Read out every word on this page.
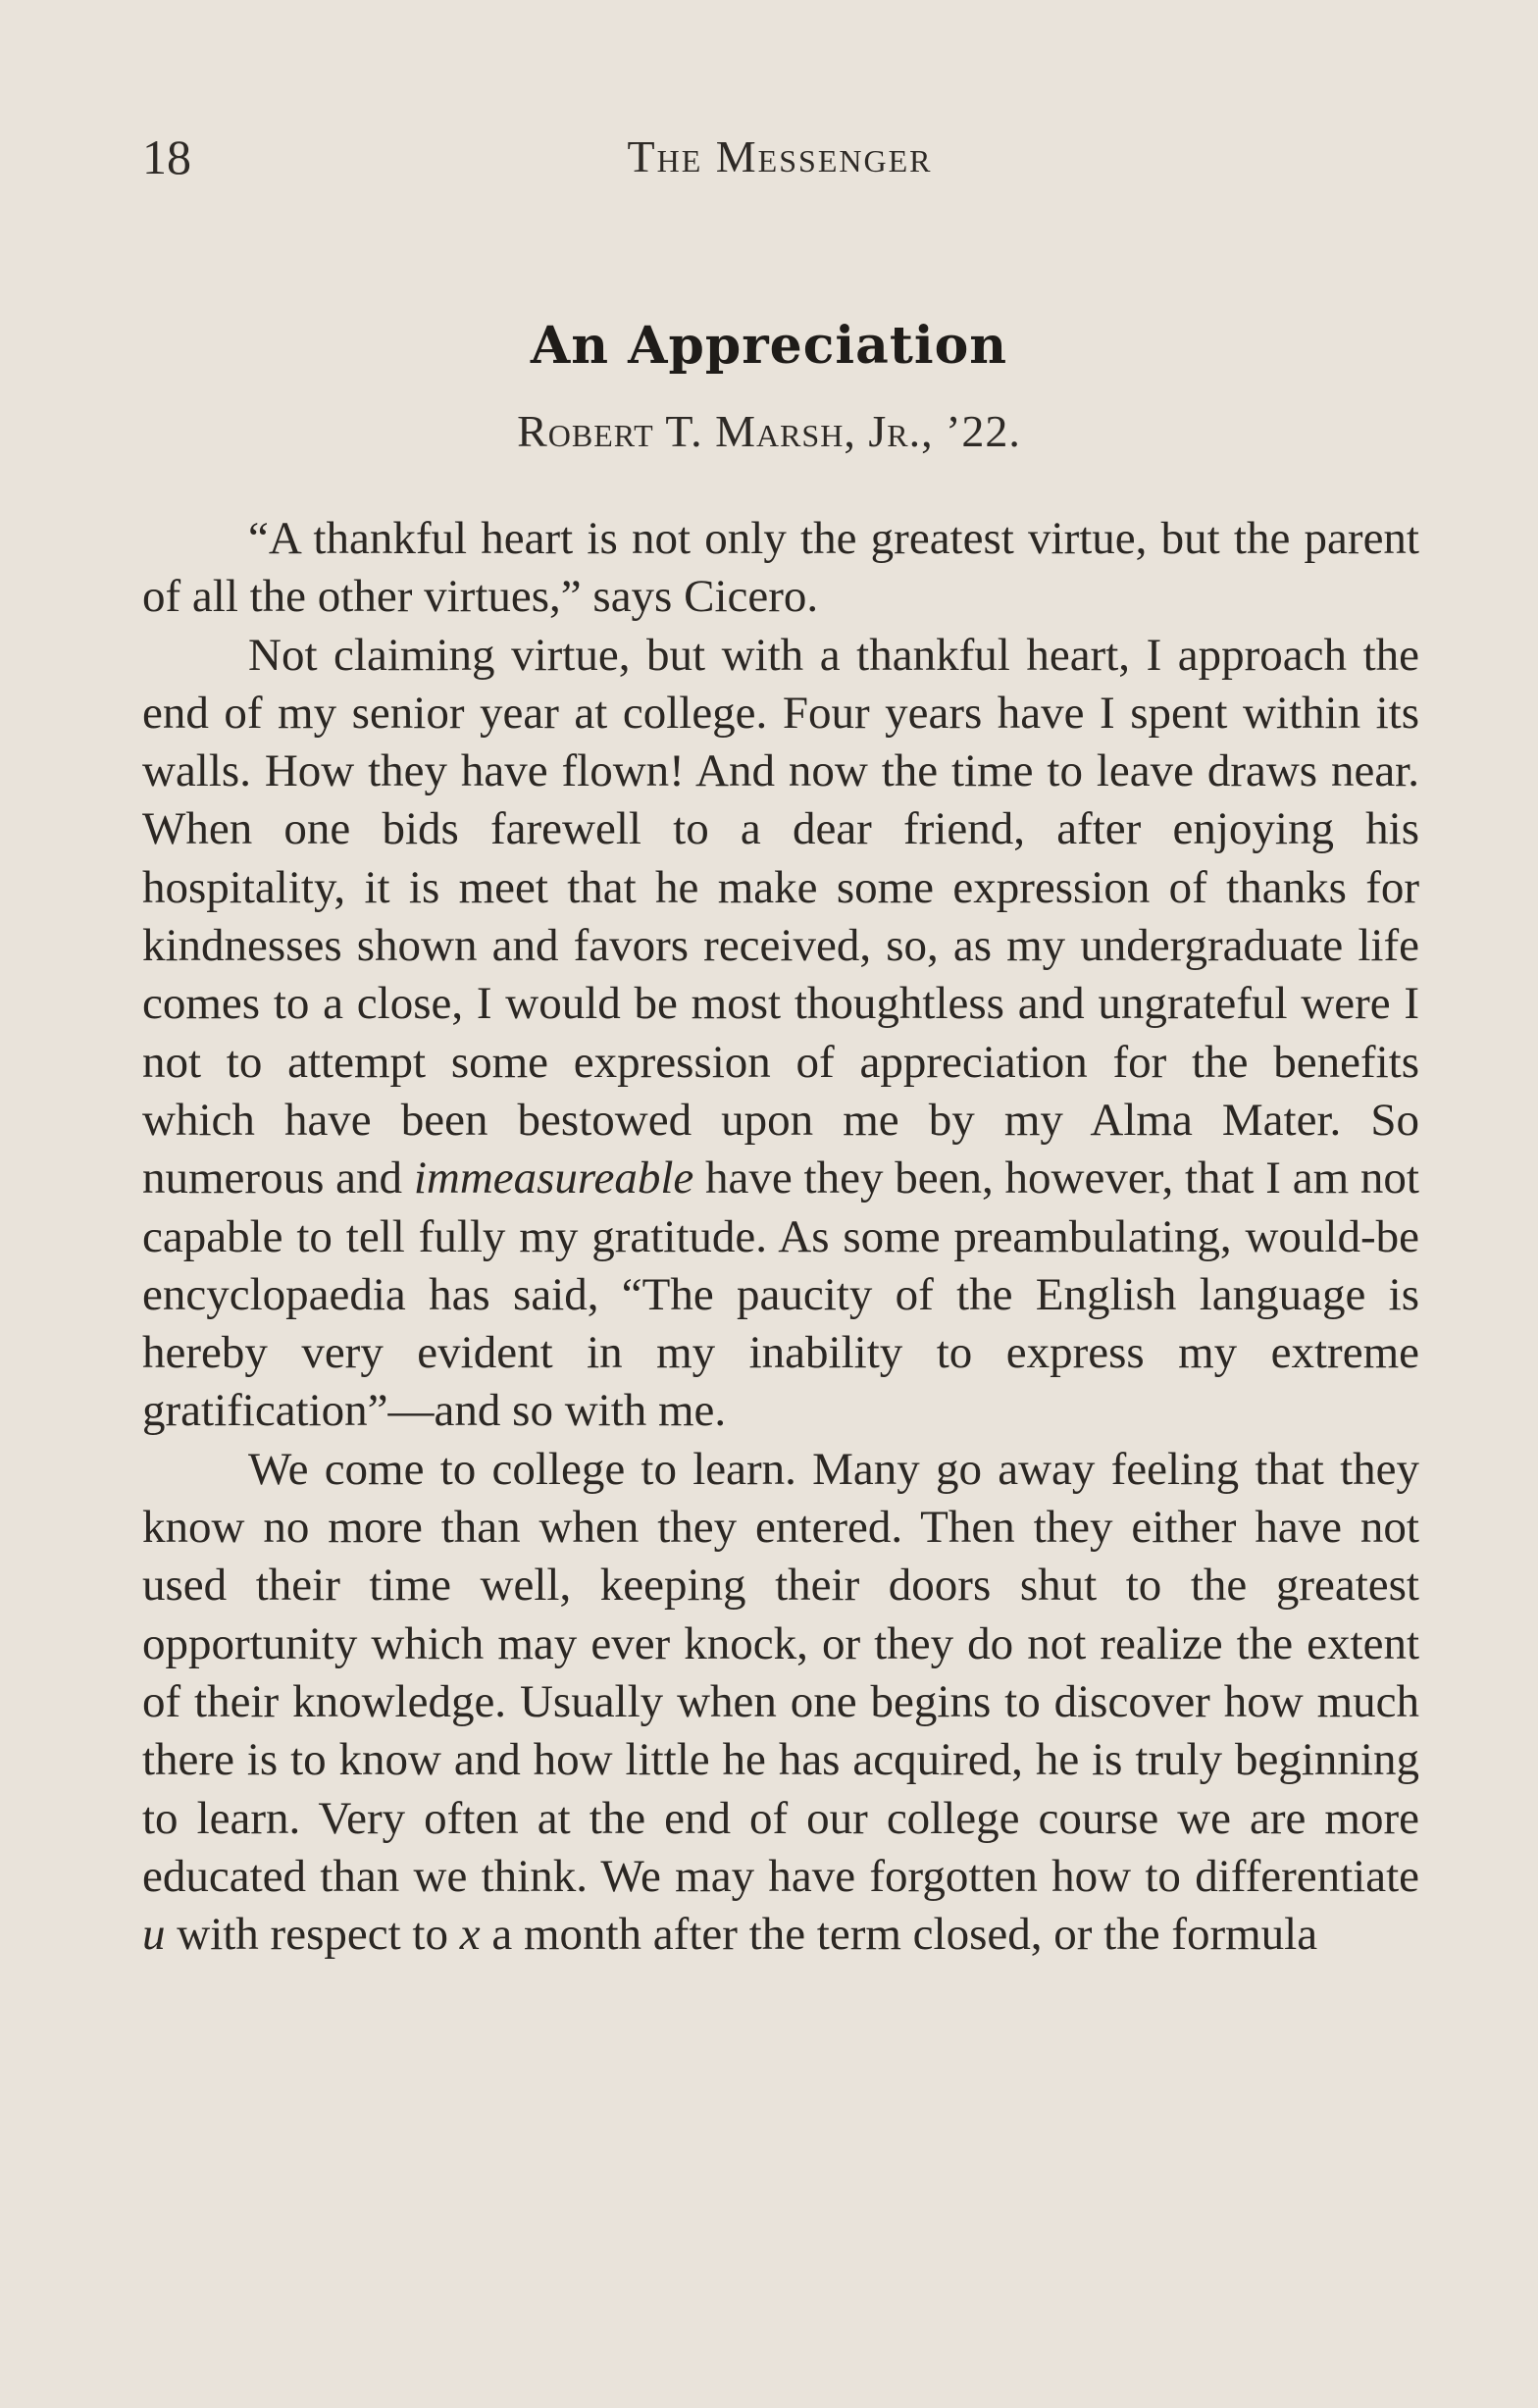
18	The Messenger
An Appreciation
Robert T. Marsh, Jr., ’22.

“A thankful heart is not only the greatest virtue, but the parent of all the other virtues,” says Cicero.

Not claiming virtue, but with a thankful heart, I approach the end of my senior year at college. Four years have I spent within its walls. How they have flown! And now the time to leave draws near. When one bids farewell to a dear friend, after enjoying his hospitality, it is meet that he make some expression of thanks for kindnesses shown and favors received, so, as my undergraduate life comes to a close, I would be most thoughtless and ungrateful were I not to attempt some expression of appreciation for the benefits which have been bestowed upon me by my Alma Mater. So numerous and immeasureable have they been, however, that I am not capable to tell fully my gratitude. As some preambulating, would-be encyclopaedia has said, “The paucity of the English language is hereby very evident in my inability to express my extreme gratification”—and so with me.

We come to college to learn. Many go away feeling that they know no more than when they entered. Then they either have not used their time well, keeping their doors shut to the greatest opportunity which may ever knock, or they do not realize the extent of their knowledge. Usually when one begins to discover how much there is to know and how little he has acquired, he is truly beginning to learn. Very often at the end of our college course we are more educated than we think. We may have forgotten how to differentiate u with respect to x a month after the term closed, or the formula
